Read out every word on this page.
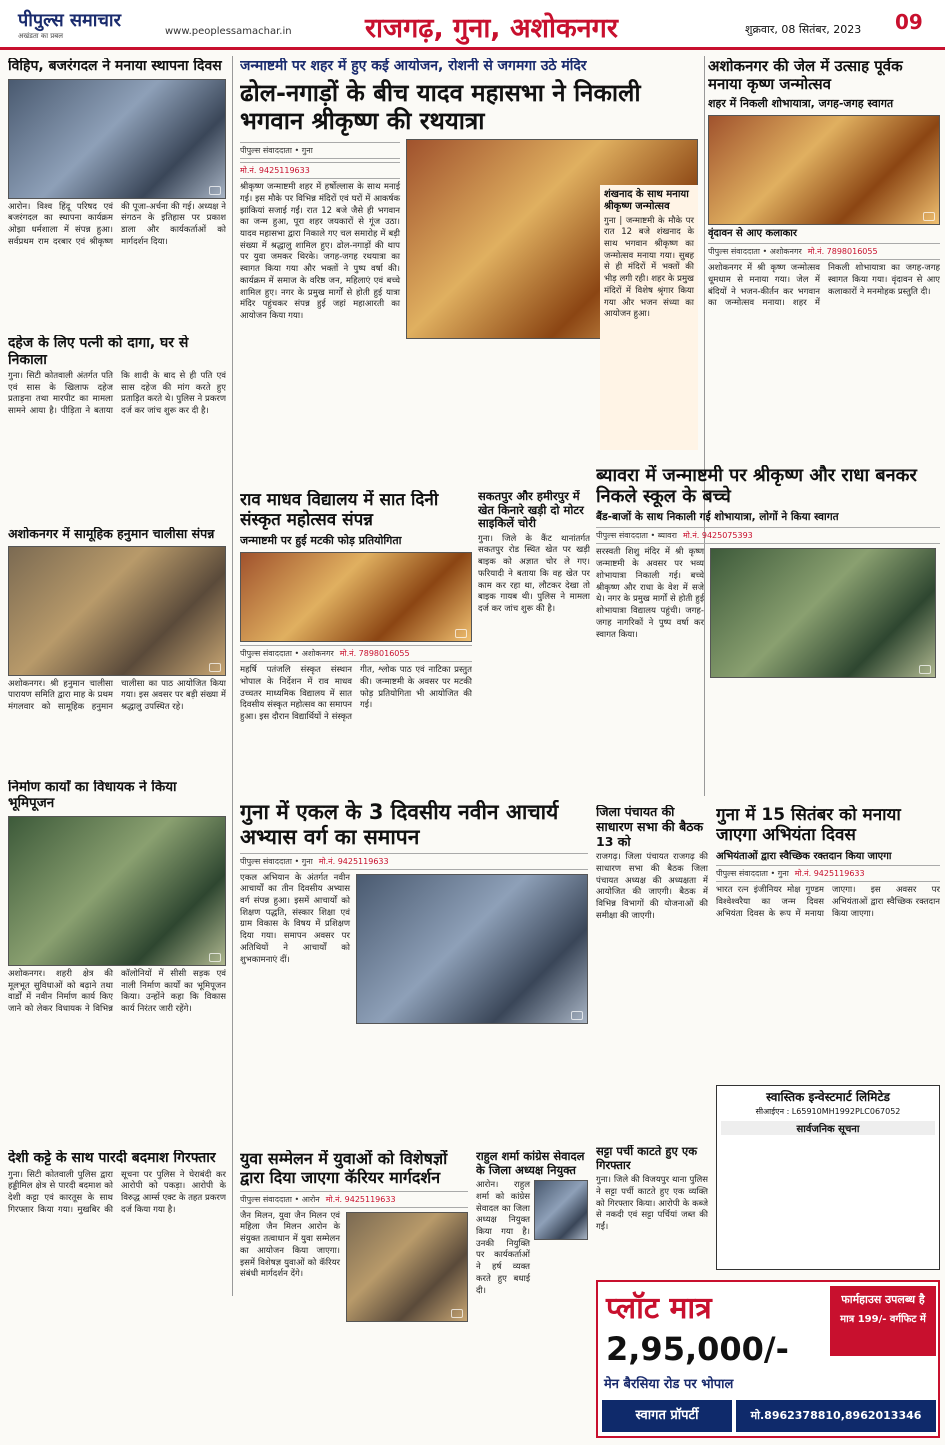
पीपुल्स समाचार
अखंडता का प्रबल	www.peoplessamachar.in	राजगढ़, गुना, अशोकनगर	शुक्रवार, 08 सितंबर, 2023 09
विहिप, बजरंगदल ने मनाया स्थापना दिवस
आरोन। विश्व हिंदू परिषद एवं बजरंगदल का स्थापना कार्यक्रम ओझा धर्मशाला में संपन्न हुआ। सर्वप्रथम राम दरबार एवं श्रीकृष्ण की पूजा-अर्चना की गई। अध्यक्ष ने संगठन के इतिहास पर प्रकाश डाला और कार्यकर्ताओं को मार्गदर्शन दिया।
दहेज के लिए पत्नी को दागा, घर से निकाला
गुना। सिटी कोतवाली अंतर्गत पति एवं सास के खिलाफ दहेज प्रताड़ना तथा मारपीट का मामला सामने आया है। पीड़िता ने बताया कि शादी के बाद से ही पति एवं सास दहेज की मांग करते हुए प्रताड़ित करते थे। पुलिस ने प्रकरण दर्ज कर जांच शुरू कर दी है।
अशोकनगर में सामूहिक हनुमान चालीसा संपन्न
अशोकनगर। श्री हनुमान चालीसा पारायण समिति द्वारा माह के प्रथम मंगलवार को सामूहिक हनुमान चालीसा का पाठ आयोजित किया गया। इस अवसर पर बड़ी संख्या में श्रद्धालु उपस्थित रहे।
निर्माण कार्यों का विधायक ने किया भूमिपूजन
अशोकनगर। शहरी क्षेत्र की मूलभूत सुविधाओं को बढ़ाने तथा वार्डों में नवीन निर्माण कार्य किए जाने को लेकर विधायक ने विभिन्न कॉलोनियों में सीसी सड़क एवं नाली निर्माण कार्यों का भूमिपूजन किया। उन्होंने कहा कि विकास कार्य निरंतर जारी रहेंगे।
देशी कट्टे के साथ पारदी बदमाश गिरफ्तार
गुना। सिटी कोतवाली पुलिस द्वारा हड्डीमिल क्षेत्र से पारदी बदमाश को देशी कट्टा एवं कारतूस के साथ गिरफ्तार किया गया। मुखबिर की सूचना पर पुलिस ने घेराबंदी कर आरोपी को पकड़ा। आरोपी के विरुद्ध आर्म्स एक्ट के तहत प्रकरण दर्ज किया गया है।
जन्माष्टमी पर शहर में हुए कई आयोजन, रोशनी से जगमगा उठे मंदिर
ढोल-नगाड़ों के बीच यादव महासभा ने निकाली भगवान श्रीकृष्ण की रथयात्रा
पीपुल्स संवाददाता • गुना
मो.नं. 9425119633
श्रीकृष्ण जन्माष्टमी शहर में हर्षोल्लास के साथ मनाई गई। इस मौके पर विभिन्न मंदिरों एवं घरों में आकर्षक झांकियां सजाई गईं। रात 12 बजे जैसे ही भगवान का जन्म हुआ, पूरा शहर जयकारों से गूंज उठा। यादव महासभा द्वारा निकाले गए चल समारोह में बड़ी संख्या में श्रद्धालु शामिल हुए। ढोल-नगाड़ों की थाप पर युवा जमकर थिरके। जगह-जगह रथयात्रा का स्वागत किया गया और भक्तों ने पुष्प वर्षा की। कार्यक्रम में समाज के वरिष्ठ जन, महिलाएं एवं बच्चे शामिल हुए। नगर के प्रमुख मार्गों से होती हुई यात्रा मंदिर पहुंचकर संपन्न हुई जहां महाआरती का आयोजन किया गया।
शंखनाद के साथ मनाया श्रीकृष्ण जन्मोत्सव
गुना | जन्माष्टमी के मौके पर रात 12 बजे शंखनाद के साथ भगवान श्रीकृष्ण का जन्मोत्सव मनाया गया। सुबह से ही मंदिरों में भक्तों की भीड़ लगी रही। शहर के प्रमुख मंदिरों में विशेष श्रृंगार किया गया और भजन संध्या का आयोजन हुआ।
राव माधव विद्यालय में सात दिनी संस्कृत महोत्सव संपन्न
जन्माष्टमी पर हुई मटकी फोड़ प्रतियोगिता
पीपुल्स संवाददाता • अशोकनगर मो.नं. 7898016055
महर्षि पतंजलि संस्कृत संस्थान भोपाल के निर्देशन में राव माधव उच्चतर माध्यमिक विद्यालय में सात दिवसीय संस्कृत महोत्सव का समापन हुआ। इस दौरान विद्यार्थियों ने संस्कृत गीत, श्लोक पाठ एवं नाटिका प्रस्तुत की। जन्माष्टमी के अवसर पर मटकी फोड़ प्रतियोगिता भी आयोजित की गई।
सकतपुर और हमीरपुर में खेत किनारे खड़ी दो मोटर साइकिलें चोरी
गुना। जिले के कैंट थानांतर्गत सकतपुर रोड स्थित खेत पर खड़ी बाइक को अज्ञात चोर ले गए। फरियादी ने बताया कि वह खेत पर काम कर रहा था, लौटकर देखा तो बाइक गायब थी। पुलिस ने मामला दर्ज कर जांच शुरू की है।
गुना में एकल के 3 दिवसीय नवीन आचार्य अभ्यास वर्ग का समापन
पीपुल्स संवाददाता • गुना मो.नं. 9425119633
एकल अभियान के अंतर्गत नवीन आचार्यों का तीन दिवसीय अभ्यास वर्ग संपन्न हुआ। इसमें आचार्यों को शिक्षण पद्धति, संस्कार शिक्षा एवं ग्राम विकास के विषय में प्रशिक्षण दिया गया। समापन अवसर पर अतिथियों ने आचार्यों को शुभकामनाएं दीं।
युवा सम्मेलन में युवाओं को विशेषज्ञों द्वारा दिया जाएगा कॅरियर मार्गदर्शन
पीपुल्स संवाददाता • आरोन मो.नं. 9425119633
जैन मिलन, युवा जैन मिलन एवं महिला जैन मिलन आरोन के संयुक्त तत्वाधान में युवा सम्मेलन का आयोजन किया जाएगा। इसमें विशेषज्ञ युवाओं को कॅरियर संबंधी मार्गदर्शन देंगे।
राहुल शर्मा कांग्रेस सेवादल के जिला अध्यक्ष नियुक्त
आरोन। राहुल शर्मा को कांग्रेस सेवादल का जिला अध्यक्ष नियुक्त किया गया है। उनकी नियुक्ति पर कार्यकर्ताओं ने हर्ष व्यक्त करते हुए बधाई दी।
अशोकनगर की जेल में उत्साह पूर्वक मनाया कृष्ण जन्मोत्सव
शहर में निकली शोभायात्रा, जगह-जगह स्वागत
वृंदावन से आए कलाकार
पीपुल्स संवाददाता • अशोकनगर मो.नं. 7898016055
अशोकनगर में श्री कृष्ण जन्मोत्सव धूमधाम से मनाया गया। जेल में बंदियों ने भजन-कीर्तन कर भगवान का जन्मोत्सव मनाया। शहर में निकली शोभायात्रा का जगह-जगह स्वागत किया गया। वृंदावन से आए कलाकारों ने मनमोहक प्रस्तुति दी।
ब्यावरा में जन्माष्टमी पर श्रीकृष्ण और राधा बनकर निकले स्कूल के बच्चे
बैंड-बाजों के साथ निकाली गई शोभायात्रा, लोगों ने किया स्वागत
पीपुल्स संवाददाता • ब्यावरा मो.नं. 9425075393
सरस्वती शिशु मंदिर में श्री कृष्ण जन्माष्टमी के अवसर पर भव्य शोभायात्रा निकाली गई। बच्चे श्रीकृष्ण और राधा के वेश में सजे थे। नगर के प्रमुख मार्गों से होती हुई शोभायात्रा विद्यालय पहुंची। जगह-जगह नागरिकों ने पुष्प वर्षा कर स्वागत किया।
जिला पंचायत की साधारण सभा की बैठक 13 को
राजगढ़। जिला पंचायत राजगढ़ की साधारण सभा की बैठक जिला पंचायत अध्यक्ष की अध्यक्षता में आयोजित की जाएगी। बैठक में विभिन्न विभागों की योजनाओं की समीक्षा की जाएगी।
गुना में 15 सितंबर को मनाया जाएगा अभियंता दिवस
अभियंताओं द्वारा स्वैच्छिक रक्तदान किया जाएगा
पीपुल्स संवाददाता • गुना मो.नं. 9425119633
भारत रत्न इंजीनियर मोक्ष गुण्डम विश्वेश्वरैया का जन्म दिवस अभियंता दिवस के रूप में मनाया जाएगा। इस अवसर पर अभियंताओं द्वारा स्वैच्छिक रक्तदान किया जाएगा।
स्वास्तिक इन्वेस्टमार्ट लिमिटेड
सीआईएन : L65910MH1992PLC067052
सार्वजनिक सूचना
सट्टा पर्ची काटते हुए एक गिरफ्तार
गुना। जिले की विजयपुर थाना पुलिस ने सट्टा पर्ची काटते हुए एक व्यक्ति को गिरफ्तार किया। आरोपी के कब्जे से नकदी एवं सट्टा पर्चियां जब्त की गईं।
प्लॉट मात्र
2,95,000/-
मेन बैरसिया रोड पर भोपाल
फार्महाउस उपलब्ध है
मात्र 199/- वर्गफिट में
स्वागत प्रॉपर्टी	मो.8962378810,8962013346
